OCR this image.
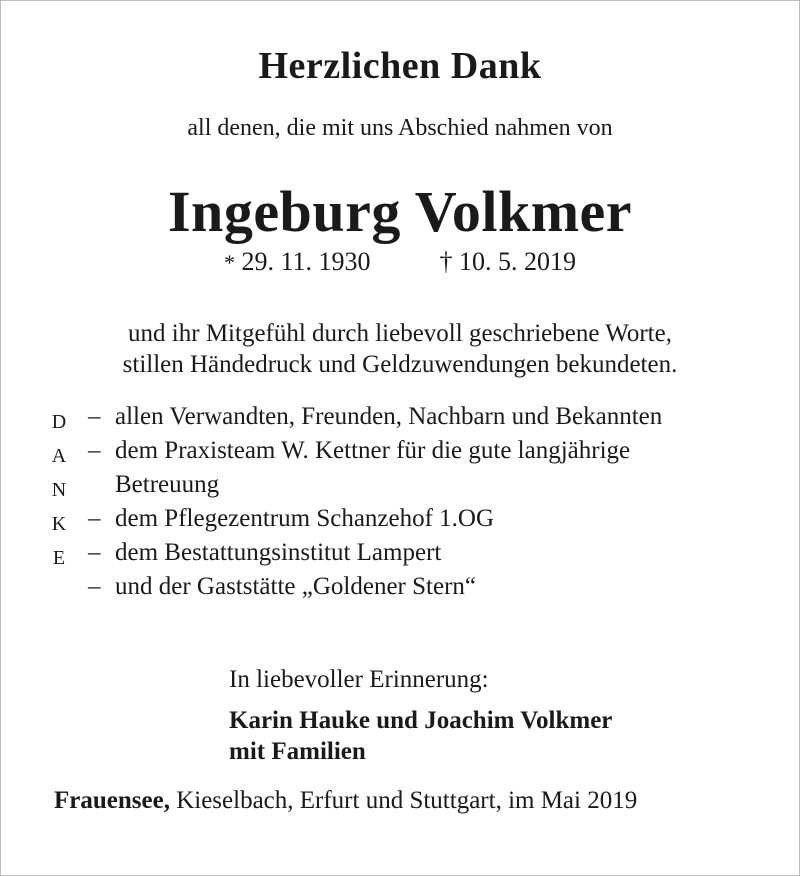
Herzlichen Dank
all denen, die mit uns Abschied nahmen von
Ingeburg Volkmer
* 29. 11. 1930	† 10. 5. 2019
und ihr Mitgefühl durch liebevoll geschriebene Worte,
stillen Händedruck und Geldzuwendungen bekundeten.
D
A
N
K
E
– allen Verwandten, Freunden, Nachbarn und Bekannten
– dem Praxisteam W. Kettner für die gute langjährige
Betreuung
– dem Pflegezentrum Schanzehof 1.OG
– dem Bestattungsinstitut Lampert
– und der Gaststätte „Goldener Stern“
In liebevoller Erinnerung:
Karin Hauke und Joachim Volkmer
mit Familien
Frauensee, Kieselbach, Erfurt und Stuttgart, im Mai 2019
